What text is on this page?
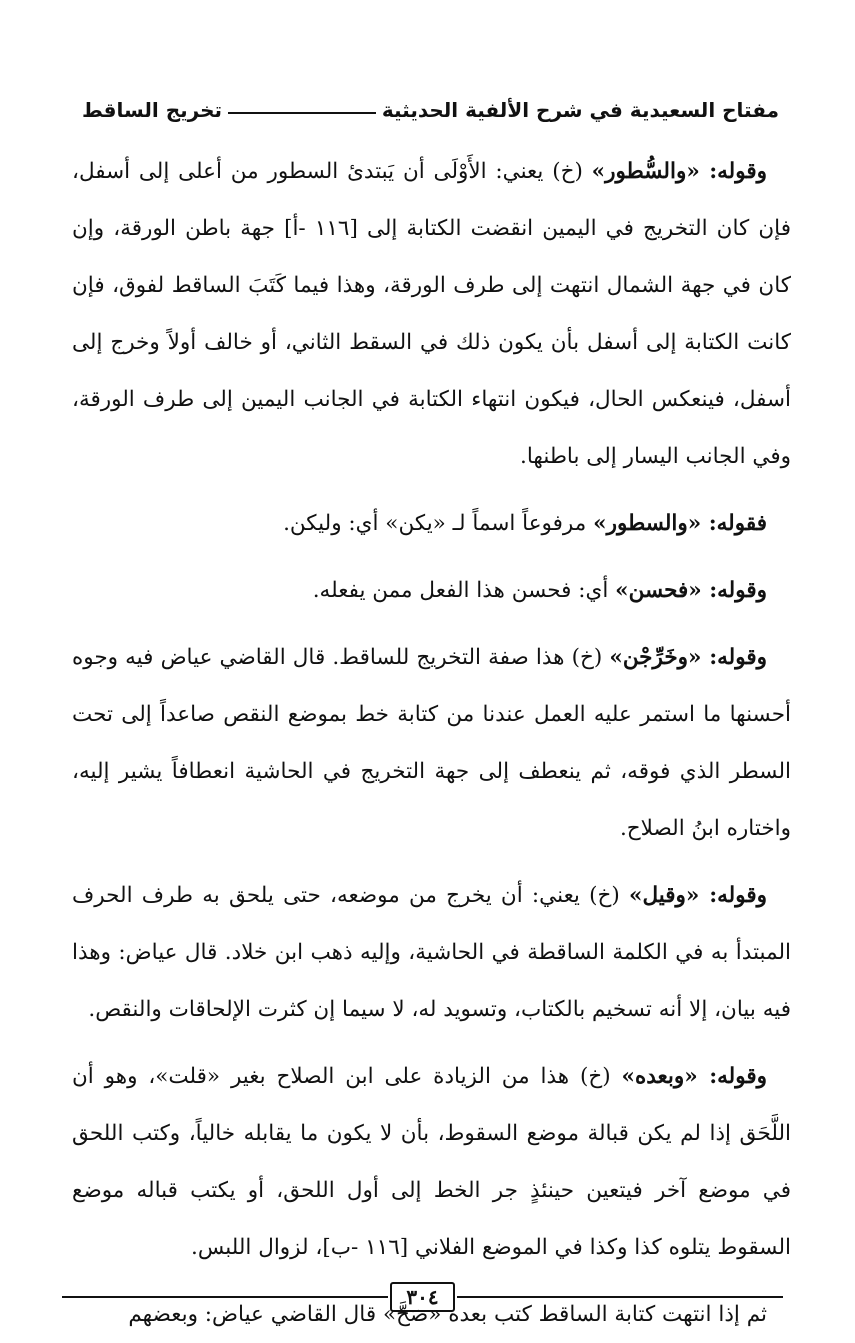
مفتاح السعيدية في شرح الألفية الحديثية
تخريج الساقط

وقوله: «والسُّطور» (خ) يعني: الأَوْلَى أن يَبتدئ السطور من أعلى إلى أسفل، فإن كان التخريج في اليمين انقضت الكتابة إلى [١١٦ -أ] جهة باطن الورقة، وإن كان في جهة الشمال انتهت إلى طرف الورقة، وهذا فيما كَتَبَ الساقط لفوق، فإن كانت الكتابة إلى أسفل بأن يكون ذلك في السقط الثاني، أو خالف أولاً وخرج إلى أسفل، فينعكس الحال، فيكون انتهاء الكتابة في الجانب اليمين إلى طرف الورقة، وفي الجانب اليسار إلى باطنها.

فقوله: «والسطور» مرفوعاً اسماً لـ «يكن» أي: وليكن.

وقوله: «فحسن» أي: فحسن هذا الفعل ممن يفعله.

وقوله: «وخَرِّجْن» (خ) هذا صفة التخريج للساقط. قال القاضي عياض فيه وجوه أحسنها ما استمر عليه العمل عندنا من كتابة خط بموضع النقص صاعداً إلى تحت السطر الذي فوقه، ثم ينعطف إلى جهة التخريج في الحاشية انعطافاً يشير إليه، واختاره ابنُ الصلاح.

وقوله: «وقيل» (خ) يعني: أن يخرج من موضعه، حتى يلحق به طرف الحرف المبتدأ به في الكلمة الساقطة في الحاشية، وإليه ذهب ابن خلاد. قال عياض: وهذا فيه بيان، إلا أنه تسخيم بالكتاب، وتسويد له، لا سيما إن كثرت الإلحاقات والنقص.

وقوله: «وبعده» (خ) هذا من الزيادة على ابن الصلاح بغير «قلت»، وهو أن اللَّحَق إذا لم يكن قبالة موضع السقوط، بأن لا يكون ما يقابله خالياً، وكتب اللحق في موضع آخر فيتعين حينئذٍ جر الخط إلى أول اللحق، أو يكتب قباله موضع السقوط يتلوه كذا وكذا في الموضع الفلاني [١١٦ -ب]، لزوال اللبس.

ثم إذا انتهت كتابة الساقط كتب بعده «صَحَّ» قال القاضي عياض: وبعضهم

٣٠٤
